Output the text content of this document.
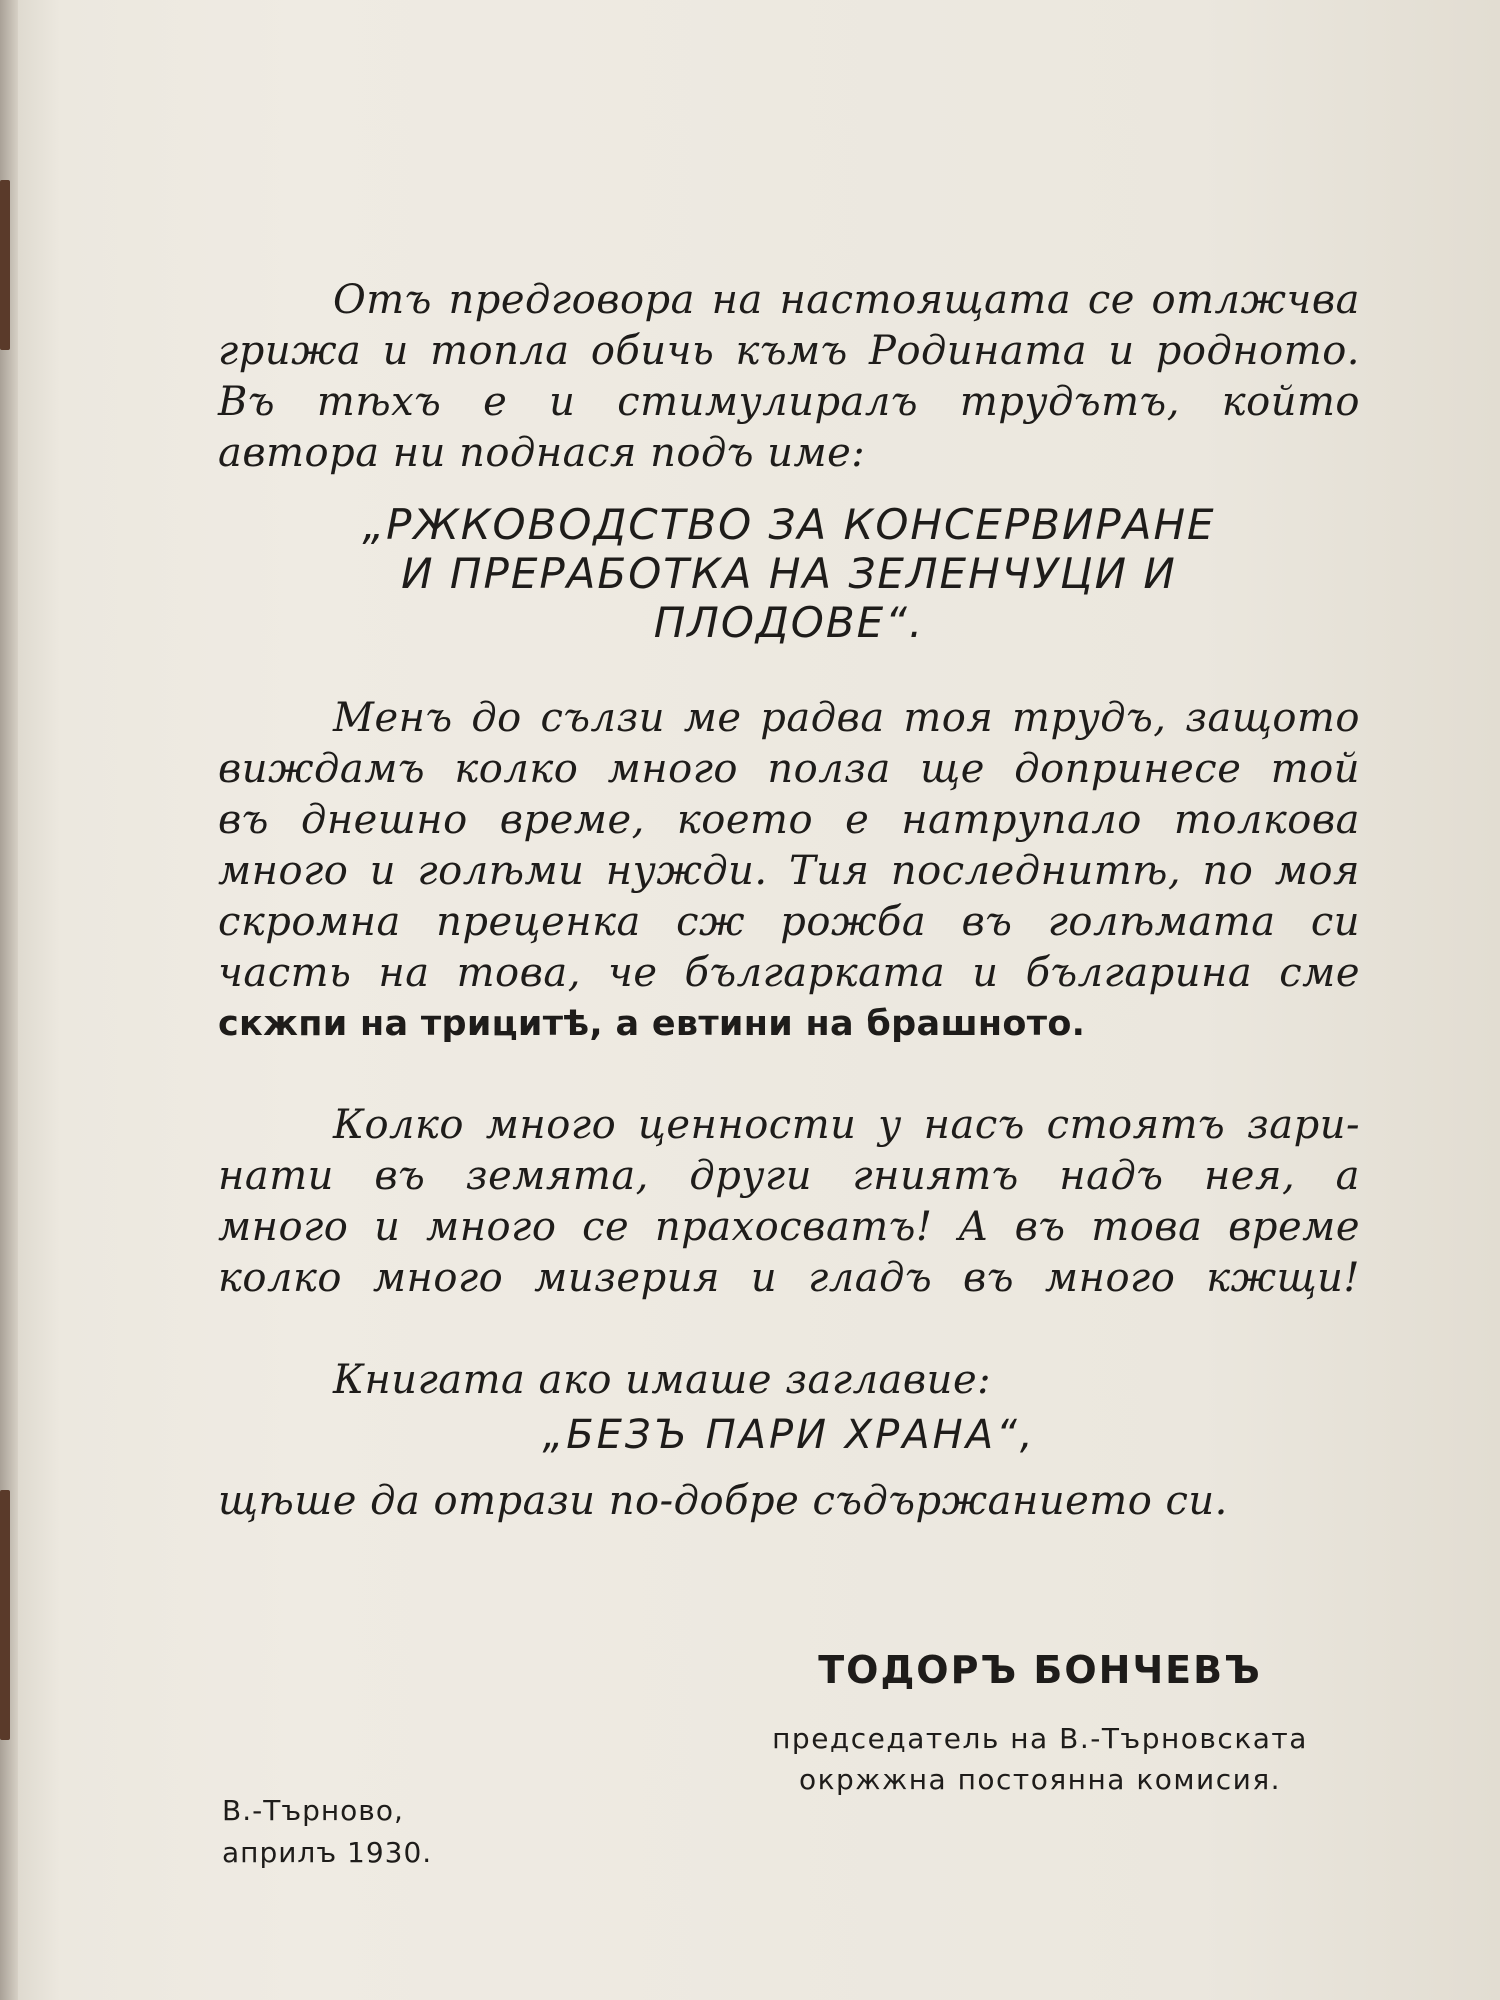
Отъ предговора на настоящата се отлжчва
грижа и топла обичь къмъ Родината и родното.
Въ тѣхъ е и стимулиралъ трудътъ, който
автора ни поднася подъ име:
„РЖКОВОДСТВО ЗА КОНСЕРВИРАНЕ
И ПРЕРАБОТКА НА ЗЕЛЕНЧУЦИ И
ПЛОДОВЕ“.
Менъ до сълзи ме радва тоя трудъ, защото
виждамъ колко много полза ще допринесе той
въ днешно време, което е натрупало толкова
много и голѣми нужди. Тия последнитѣ, по моя
скромна преценка сж рожба въ голѣмата си
часть на това, че българката и българина сме
скжпи на трицитѣ, а евтини на брашното.
Колко много ценности у насъ стоятъ зари-
нати въ земята, други гниятъ надъ нея, а
много и много се прахосватъ! А въ това време
колко много мизерия и гладъ въ много кжщи!
Книгата ако имаше заглавие:
„БЕЗЪ ПАРИ ХРАНА“,
щѣше да отрази по-добре съдържанието си.
ТОДОРЪ БОНЧЕВЪ
председатель на В.-Търновската
окржжна постоянна комисия.
В.-Търново,
априлъ 1930.
